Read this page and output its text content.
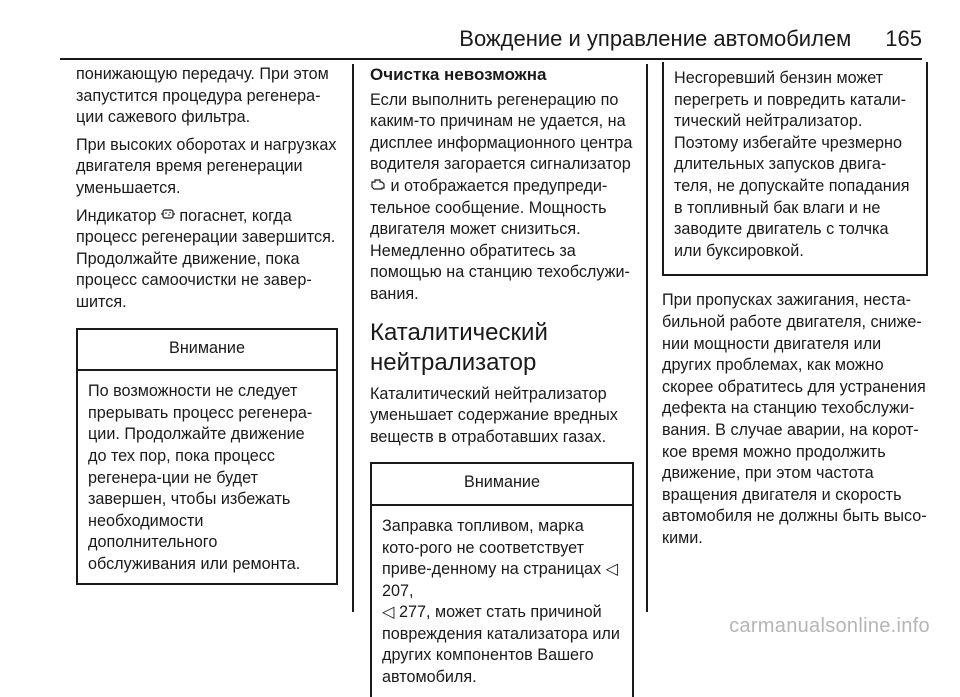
Вождение и управление автомобилем 165

понижающую передачу. При этом запустится процедура регенера-ции сажевого фильтра.

При высоких оборотах и нагрузках двигателя время регенерации уменьшается.

Индикатор  погаснет, когда процесс регенерации завершится. Продолжайте движение, пока процесс самоочистки не завер-шится.

Внимание
По возможности не следует прерывать процесс регенера-ции. Продолжайте движение до тех пор, пока процесс регенера-ции не будет завершен, чтобы избежать необходимости дополнительного обслуживания или ремонта.
Очистка невозможна

Если выполнить регенерацию по каким-то причинам не удается, на дисплее информационного центра водителя загорается сигнализатор  и отображается предупреди-тельное сообщение. Мощность двигателя может снизиться. Немедленно обратитесь за помощью на станцию техобслужи-вания.

Каталитический нейтрализатор

Каталитический нейтрализатор уменьшает содержание вредных веществ в отработавших газах.

Внимание
Заправка топливом, марка кото-рого не соответствует приве-денному на страницах ◁ 207,
◁ 277, может стать причиной повреждения катализатора или других компонентов Вашего автомобиля.
Несгоревший бензин может перегреть и повредить катали-тический нейтрализатор. Поэтому избегайте чрезмерно длительных запусков двига-теля, не допускайте попадания в топливный бак влаги и не заводите двигатель с толчка или буксировкой.

При пропусках зажигания, неста-бильной работе двигателя, сниже-нии мощности двигателя или других проблемах, как можно скорее обратитесь для устранения дефекта на станцию техобслужи-вания. В случае аварии, на корот-кое время можно продолжить движение, при этом частота вращения двигателя и скорость автомобиля не должны быть высо-кими.

carmanualsonline.info
